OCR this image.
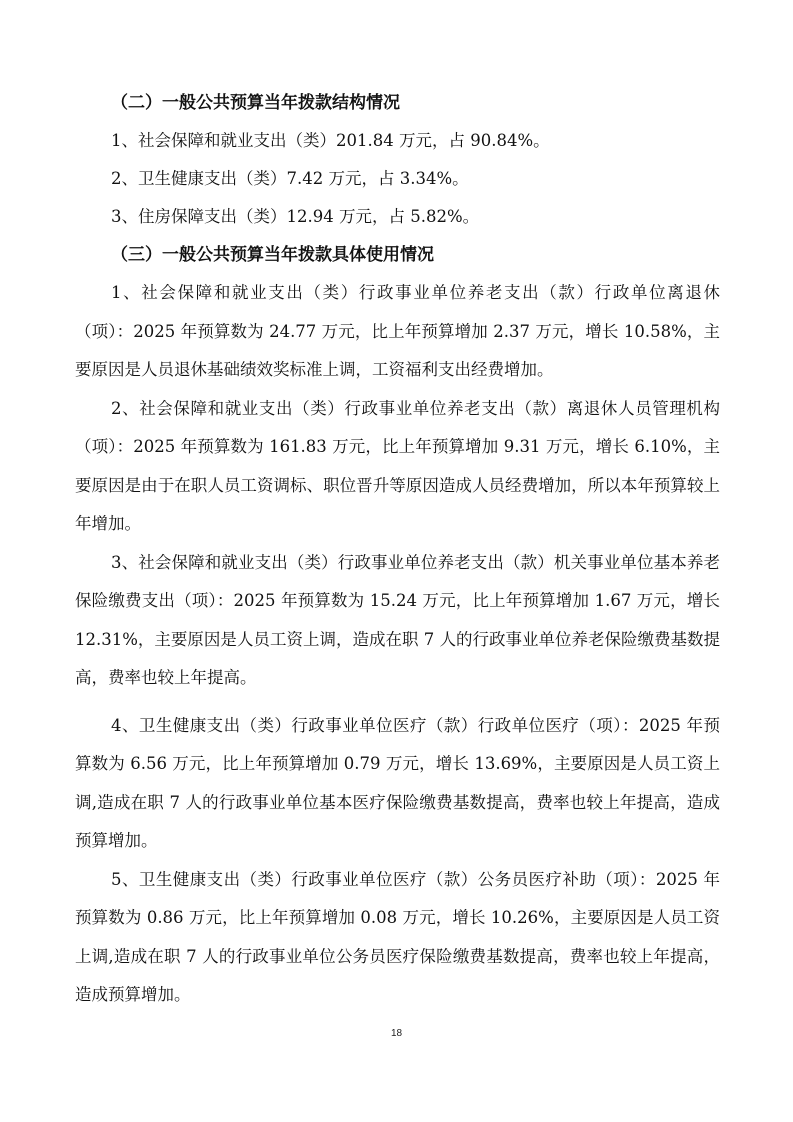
（二）一般公共预算当年拨款结构情况

1、社会保障和就业支出（类）201.84 万元，占 90.84%。

2、卫生健康支出（类）7.42 万元，占 3.34%。

3、住房保障支出（类）12.94 万元，占 5.82%。

（三）一般公共预算当年拨款具体使用情况

1、社会保障和就业支出（类）行政事业单位养老支出（款）行政单位离退休（项）：2025 年预算数为 24.77 万元，比上年预算增加 2.37 万元，增长 10.58%，主要原因是人员退休基础绩效奖标准上调，工资福利支出经费增加。

2、社会保障和就业支出（类）行政事业单位养老支出（款）离退休人员管理机构（项）：2025 年预算数为 161.83 万元，比上年预算增加 9.31 万元，增长 6.10%，主要原因是由于在职人员工资调标、职位晋升等原因造成人员经费增加，所以本年预算较上年增加。

3、社会保障和就业支出（类）行政事业单位养老支出（款）机关事业单位基本养老保险缴费支出（项）：2025 年预算数为 15.24 万元，比上年预算增加 1.67 万元，增长 12.31%，主要原因是人员工资上调，造成在职 7 人的行政事业单位养老保险缴费基数提高，费率也较上年提高。

4、卫生健康支出（类）行政事业单位医疗（款）行政单位医疗（项）：2025 年预算数为 6.56 万元，比上年预算增加 0.79 万元，增长 13.69%，主要原因是人员工资上调,造成在职 7 人的行政事业单位基本医疗保险缴费基数提高，费率也较上年提高，造成预算增加。

5、卫生健康支出（类）行政事业单位医疗（款）公务员医疗补助（项）：2025 年预算数为 0.86 万元，比上年预算增加 0.08 万元，增长 10.26%，主要原因是人员工资上调,造成在职 7 人的行政事业单位公务员医疗保险缴费基数提高，费率也较上年提高，造成预算增加。

18
